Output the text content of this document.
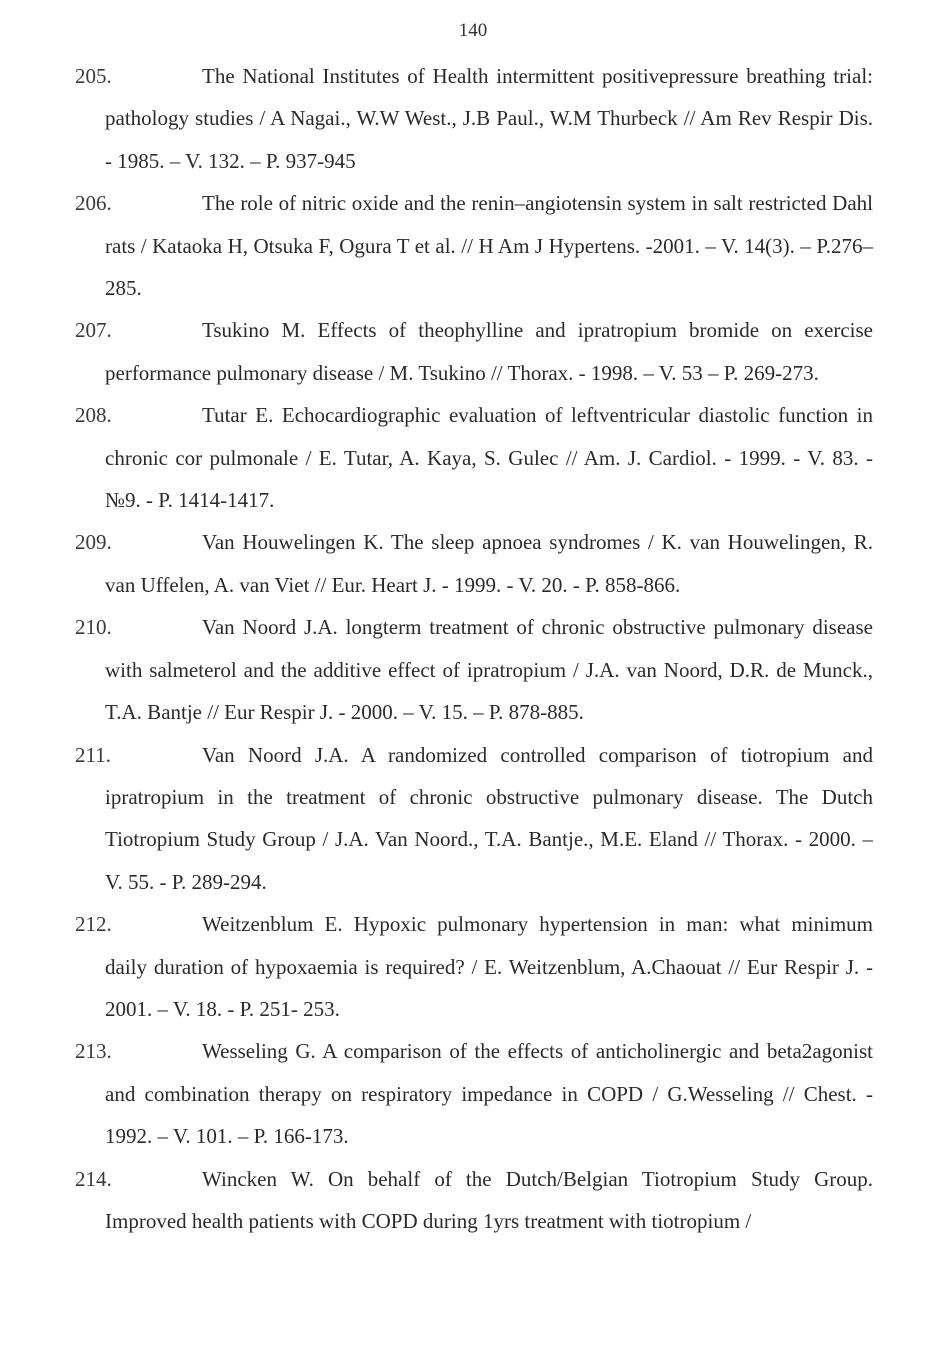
140
205.	The National Institutes of Health intermittent positivepressure breathing trial: pathology studies / A Nagai., W.W West., J.B Paul., W.M Thurbeck // Am Rev Respir Dis. - 1985. – V. 132. – P. 937-945
206.	The role of nitric oxide and the renin–angiotensin system in salt restricted Dahl rats / Kataoka H, Otsuka F, Ogura T et al. // H Am J Hypertens. -2001. – V. 14(3). – P.276–285.
207.	Tsukino M. Effects of theophylline and ipratropium bromide on exercise performance pulmonary disease / M. Tsukino // Thorax. - 1998. – V. 53 – P. 269-273.
208.	Tutar E. Echocardiographic evaluation of leftventricular diastolic function in chronic cor pulmonale / E. Tutar, A. Kaya, S. Gulec // Am. J. Cardiol. - 1999. - V. 83. - №9. - P. 1414-1417.
209.	Van Houwelingen K. The sleep apnoea syndromes / K. van Houwelingen, R. van Uffelen, A. van Viet // Eur. Heart J. - 1999. - V. 20. - P. 858-866.
210.	Van Noord J.A. longterm treatment of chronic obstructive pulmonary disease with salmeterol and the additive effect of ipratropium / J.A. van Noord, D.R. de Munck., T.A. Bantje // Eur Respir J. - 2000. – V. 15. – P. 878-885.
211.	Van Noord J.A. A randomized controlled comparison of tiotropium and ipratropium in the treatment of chronic obstructive pulmonary disease. The Dutch Tiotropium Study Group / J.A. Van Noord., T.A. Bantje., M.E. Eland // Thorax. - 2000. – V. 55. - P. 289-294.
212.	Weitzenblum E. Hypoxic pulmonary hypertension in man: what minimum daily duration of hypoxaemia is required? / E. Weitzenblum, A.Chaouat // Eur Respir J. - 2001. – V. 18. - P. 251- 253.
213.	Wesseling G. A comparison of the effects of anticholinergic and beta2agonist and combination therapy on respiratory impedance in COPD / G.Wesseling // Chest. - 1992. – V. 101. – P. 166-173.
214.	Wincken W. On behalf of the Dutch/Belgian Tiotropium Study Group. Improved health patients with COPD during 1yrs treatment with tiotropium /
